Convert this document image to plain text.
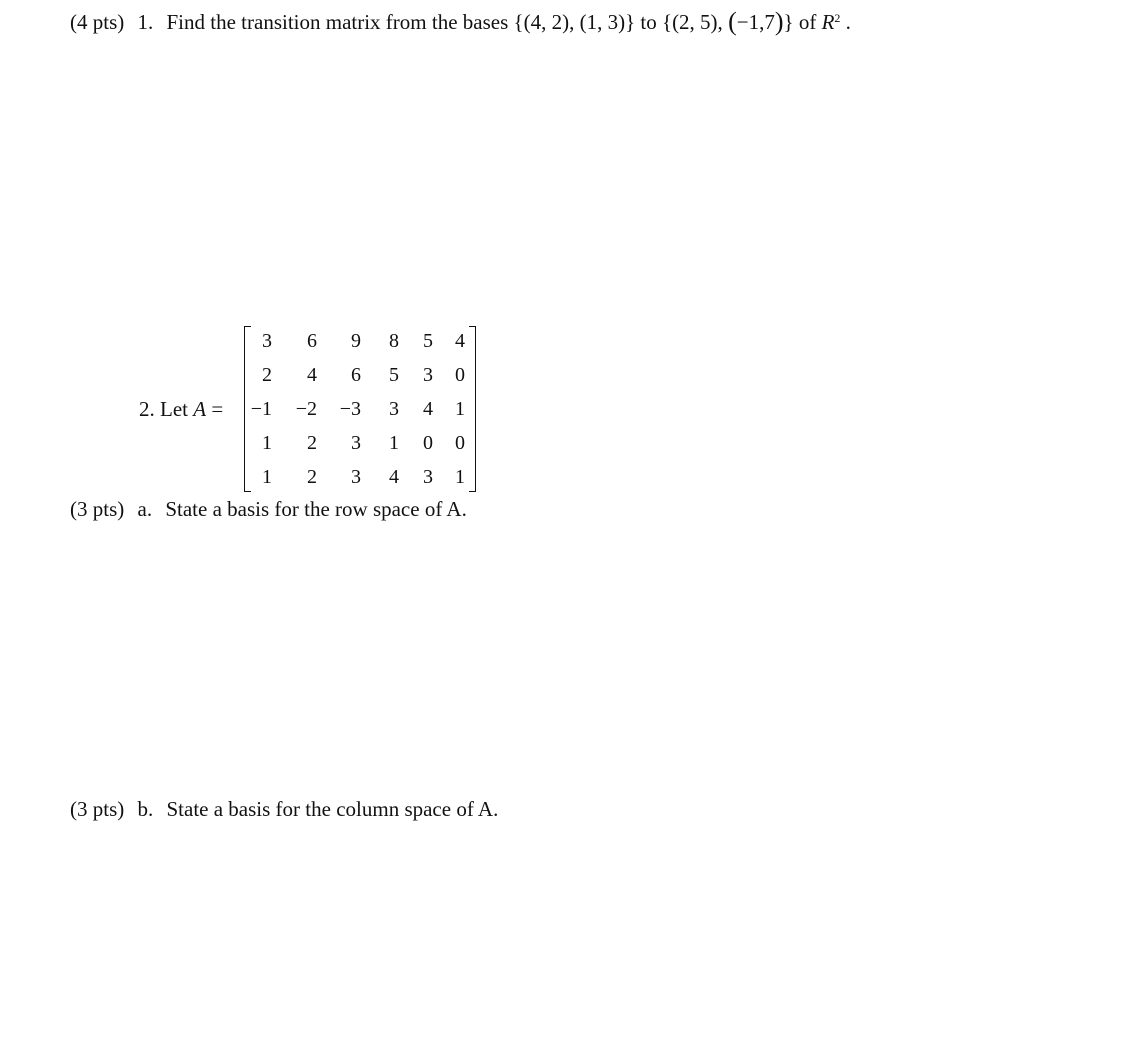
(4 pts) 1. Find the transition matrix from the bases {(4, 2), (1, 3)} to {(2, 5), (−1,7)} of $R^2$ .
2. Let A =
3	6	9	8	5	4
2	4	6	5	3	0
−1	−2	−3	3	4	1
1	2	3	1	0	0
1	2	3	4	3	1
(3 pts) a. State a basis for the row space of A.
(3 pts) b. State a basis for the column space of A.
